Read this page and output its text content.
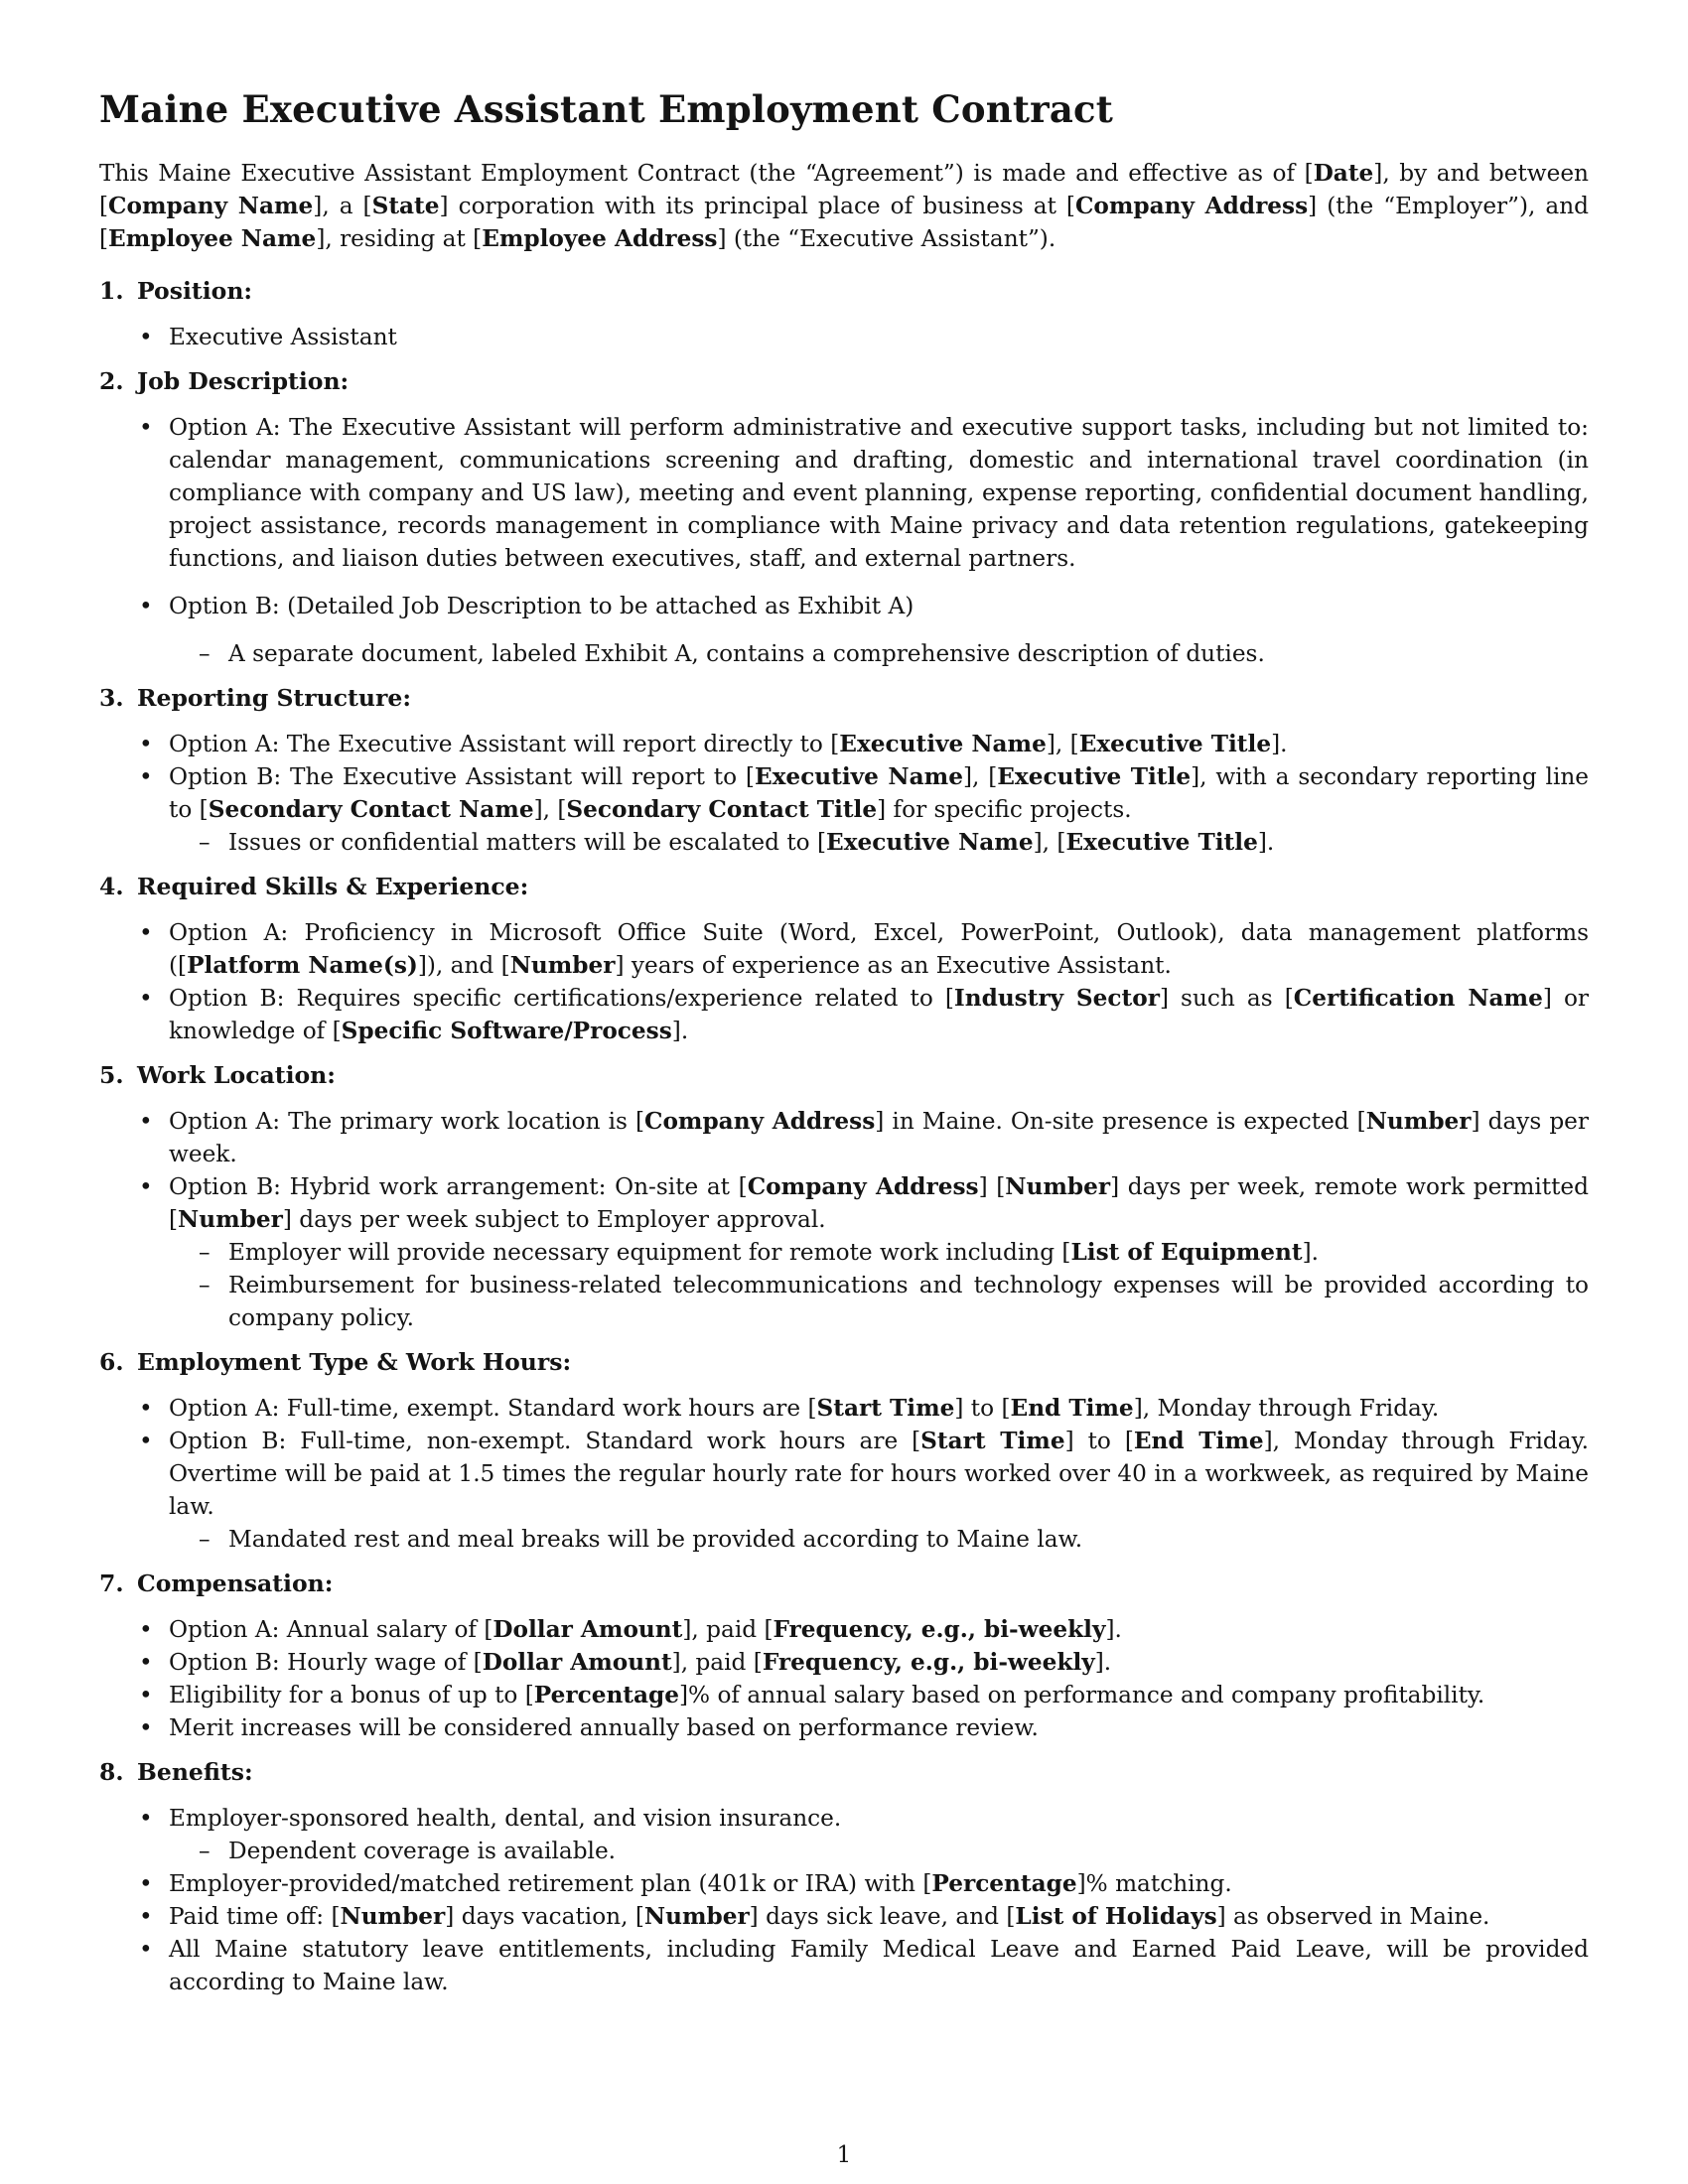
Maine Executive Assistant Employment Contract

This Maine Executive Assistant Employment Contract (the “Agreement”) is made and effective as of [Date], by and between [Company Name], a [State] corporation with its principal place of business at [Company Address] (the “Employer”), and [Employee Name], residing at [Employee Address] (the “Executive Assistant”).

1. Position:
• Executive Assistant
2. Job Description:
• Option A: The Executive Assistant will perform administrative and executive support tasks, including but not limited to: calendar management, communications screening and drafting, domestic and international travel coordination (in compliance with company and US law), meeting and event planning, expense reporting, confidential document handling, project assistance, records management in compliance with Maine privacy and data retention regulations, gatekeeping functions, and liaison duties between executives, staff, and external partners.
• Option B: (Detailed Job Description to be attached as Exhibit A)
– A separate document, labeled Exhibit A, contains a comprehensive description of duties.
3. Reporting Structure:
• Option A: The Executive Assistant will report directly to [Executive Name], [Executive Title].
• Option B: The Executive Assistant will report to [Executive Name], [Executive Title], with a secondary reporting line to [Secondary Contact Name], [Secondary Contact Title] for specific projects.
– Issues or confidential matters will be escalated to [Executive Name], [Executive Title].
4. Required Skills & Experience:
• Option A: Proficiency in Microsoft Office Suite (Word, Excel, PowerPoint, Outlook), data management platforms ([Platform Name(s)]), and [Number] years of experience as an Executive Assistant.
• Option B: Requires specific certifications/experience related to [Industry Sector] such as [Certification Name] or knowledge of [Specific Software/Process].
5. Work Location:
• Option A: The primary work location is [Company Address] in Maine. On-site presence is expected [Number] days per week.
• Option B: Hybrid work arrangement: On-site at [Company Address] [Number] days per week, remote work permitted [Number] days per week subject to Employer approval.
– Employer will provide necessary equipment for remote work including [List of Equipment].
– Reimbursement for business-related telecommunications and technology expenses will be provided according to company policy.
6. Employment Type & Work Hours:
• Option A: Full-time, exempt. Standard work hours are [Start Time] to [End Time], Monday through Friday.
• Option B: Full-time, non-exempt. Standard work hours are [Start Time] to [End Time], Monday through Friday. Overtime will be paid at 1.5 times the regular hourly rate for hours worked over 40 in a workweek, as required by Maine law.
– Mandated rest and meal breaks will be provided according to Maine law.
7. Compensation:
• Option A: Annual salary of [Dollar Amount], paid [Frequency, e.g., bi-weekly].
• Option B: Hourly wage of [Dollar Amount], paid [Frequency, e.g., bi-weekly].
• Eligibility for a bonus of up to [Percentage]% of annual salary based on performance and company profitability.
• Merit increases will be considered annually based on performance review.
8. Benefits:
• Employer-sponsored health, dental, and vision insurance.
– Dependent coverage is available.
• Employer-provided/matched retirement plan (401k or IRA) with [Percentage]% matching.
• Paid time off: [Number] days vacation, [Number] days sick leave, and [List of Holidays] as observed in Maine.
• All Maine statutory leave entitlements, including Family Medical Leave and Earned Paid Leave, will be provided according to Maine law.
1
